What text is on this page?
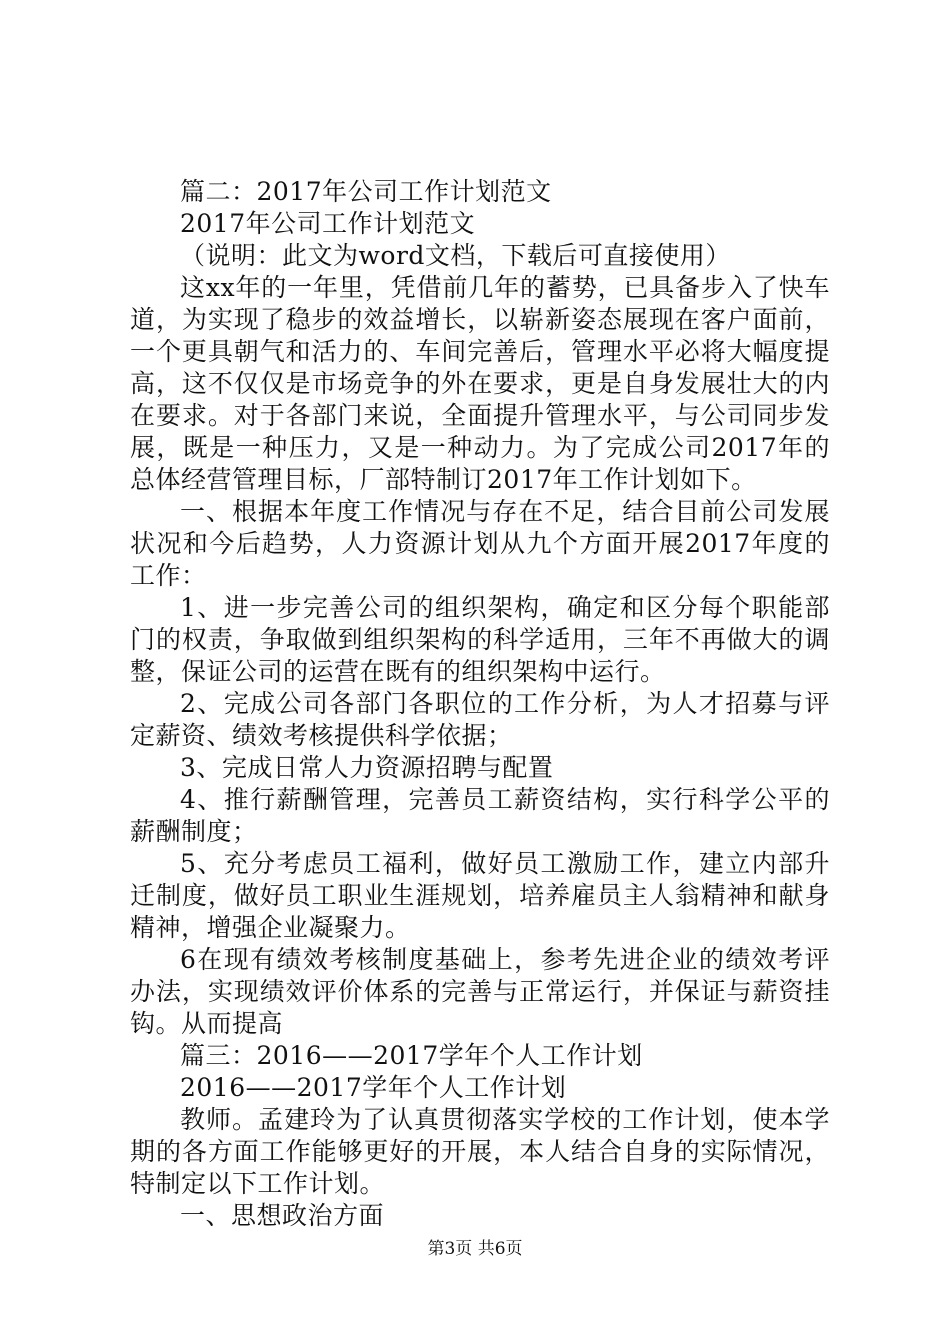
篇二：2017年公司工作计划范文

2017年公司工作计划范文

（说明：此文为word文档，下载后可直接使用）

这xx年的一年里，凭借前几年的蓄势，已具备步入了快车道，为实现了稳步的效益增长，以崭新姿态展现在客户面前，一个更具朝气和活力的、车间完善后，管理水平必将大幅度提高，这不仅仅是市场竞争的外在要求，更是自身发展壮大的内在要求。对于各部门来说，全面提升管理水平，与公司同步发展，既是一种压力，又是一种动力。为了完成公司2017年的总体经营管理目标，厂部特制订2017年工作计划如下。

一、根据本年度工作情况与存在不足，结合目前公司发展状况和今后趋势，人力资源计划从九个方面开展2017年度的工作：

1、进一步完善公司的组织架构，确定和区分每个职能部门的权责，争取做到组织架构的科学适用，三年不再做大的调整，保证公司的运营在既有的组织架构中运行。

2、完成公司各部门各职位的工作分析，为人才招募与评定薪资、绩效考核提供科学依据；

3、完成日常人力资源招聘与配置

4、推行薪酬管理，完善员工薪资结构，实行科学公平的薪酬制度；

5、充分考虑员工福利，做好员工激励工作，建立内部升迁制度，做好员工职业生涯规划，培养雇员主人翁精神和献身精神，增强企业凝聚力。

6在现有绩效考核制度基础上，参考先进企业的绩效考评办法，实现绩效评价体系的完善与正常运行，并保证与薪资挂钩。从而提高

篇三：2016——2017学年个人工作计划

2016——2017学年个人工作计划

教师。孟建玲为了认真贯彻落实学校的工作计划，使本学期的各方面工作能够更好的开展，本人结合自身的实际情况，特制定以下工作计划。

一、思想政治方面

第3页 共6页
